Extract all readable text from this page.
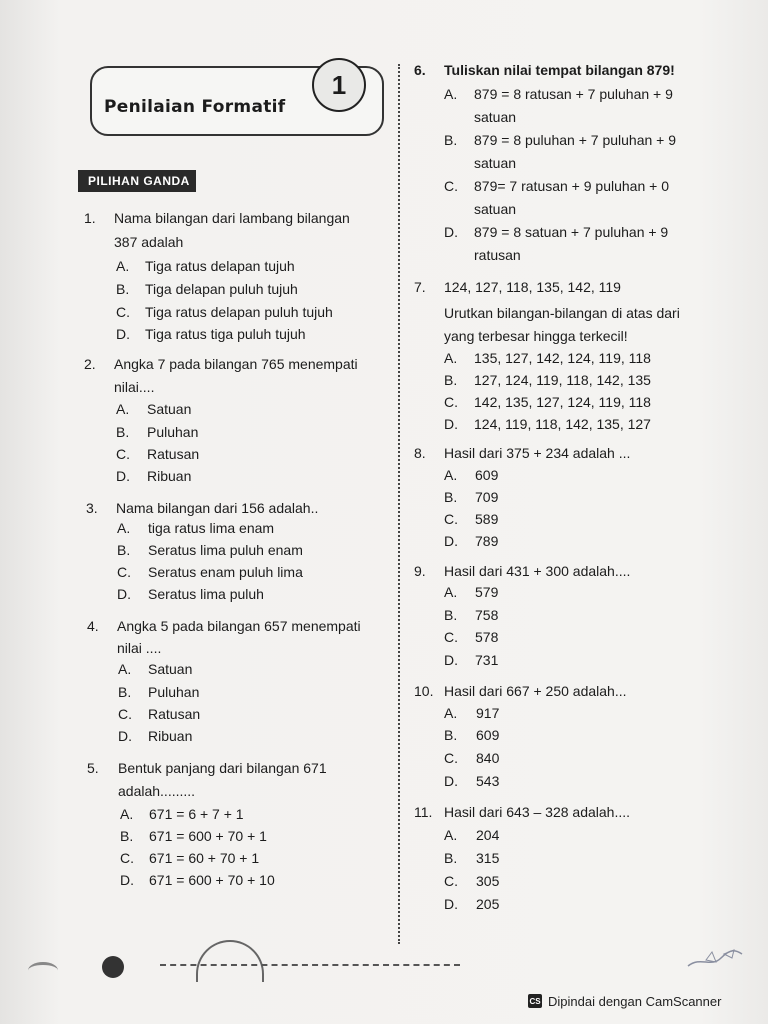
Penilaian Formatif
1
PILIHAN GANDA
1. Nama bilangan dari lambang bilangan
387 adalah
A. Tiga ratus delapan tujuh
B. Tiga delapan puluh tujuh
C. Tiga ratus delapan puluh tujuh
D. Tiga ratus tiga puluh tujuh
2. Angka 7 pada bilangan 765 menempati
nilai....
A. Satuan
B. Puluhan
C. Ratusan
D. Ribuan
3. Nama bilangan dari 156 adalah..
A. tiga ratus lima enam
B. Seratus lima puluh enam
C. Seratus enam puluh lima
D. Seratus lima puluh
4. Angka 5 pada bilangan 657 menempati
nilai ....
A. Satuan
B. Puluhan
C. Ratusan
D. Ribuan
5. Bentuk panjang dari bilangan 671
adalah.........
A. 671 = 6 + 7 + 1
B. 671 = 600 + 70 + 1
C. 671 = 60 + 70 + 1
D. 671 = 600 + 70 + 10
6. Tuliskan nilai tempat bilangan 879!
A. 879 = 8 ratusan + 7 puluhan + 9
satuan
B. 879 = 8 puluhan + 7 puluhan + 9
satuan
C. 879= 7 ratusan + 9 puluhan + 0
satuan
D. 879 = 8 satuan + 7 puluhan + 9
ratusan
7. 124, 127, 118, 135, 142, 119
Urutkan bilangan-bilangan di atas dari
yang terbesar hingga terkecil!
A. 135, 127, 142, 124, 119, 118
B. 127, 124, 119, 118, 142, 135
C. 142, 135, 127, 124, 119, 118
D. 124, 119, 118, 142, 135, 127
8. Hasil dari 375 + 234 adalah ...
A. 609
B. 709
C. 589
D. 789
9. Hasil dari 431 + 300 adalah....
A. 579
B. 758
C. 578
D. 731
10. Hasil dari 667 + 250 adalah...
A. 917
B. 609
C. 840
D. 543
11. Hasil dari 643 – 328 adalah....
A. 204
B. 315
C. 305
D. 205
CS Dipindai dengan CamScanner
